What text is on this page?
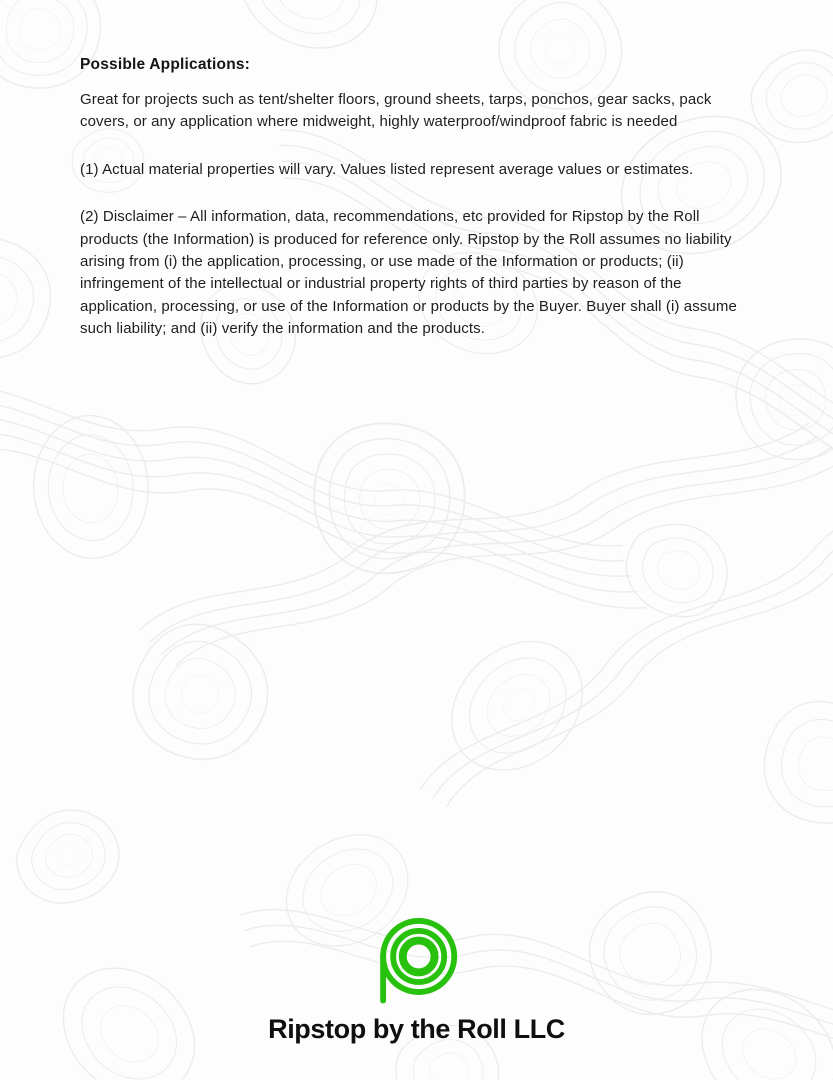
Possible Applications:

Great for projects such as tent/shelter floors, ground sheets, tarps, ponchos, gear sacks, pack covers, or any application where midweight, highly waterproof/windproof fabric is needed

(1) Actual material properties will vary. Values listed represent average values or estimates.

(2) Disclaimer – All information, data, recommendations, etc provided for Ripstop by the Roll products (the Information) is produced for reference only. Ripstop by the Roll assumes no liability arising from (i) the application, processing, or use made of the Information or products; (ii) infringement of the intellectual or industrial property rights of third parties by reason of the application, processing, or use of the Information or products by the Buyer. Buyer shall (i) assume such liability; and (ii) verify the information and the products.

Ripstop by the Roll LLC
